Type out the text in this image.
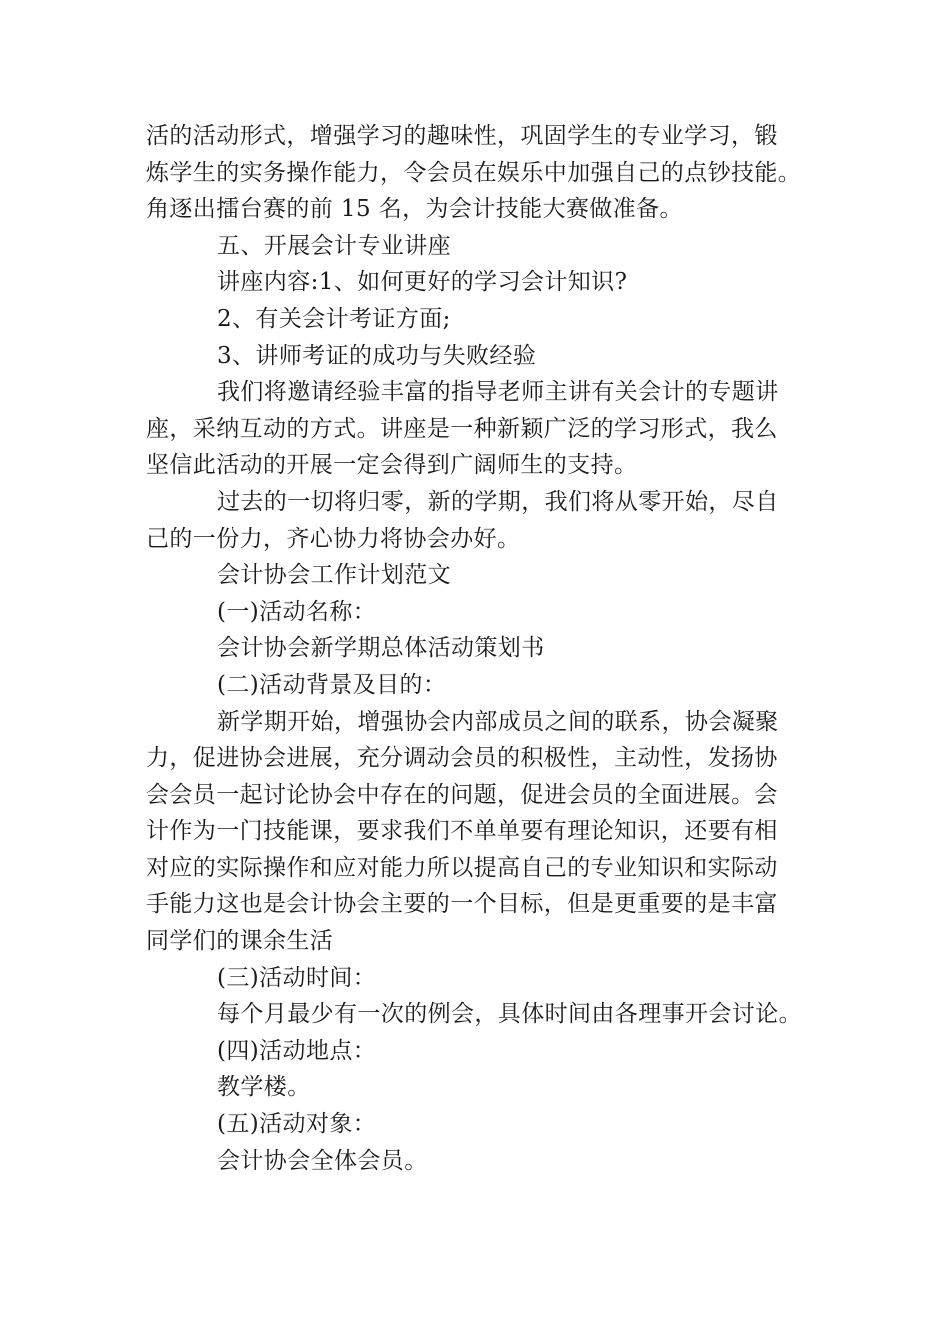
活的活动形式，增强学习的趣味性，巩固学生的专业学习，锻
炼学生的实务操作能力，令会员在娱乐中加强自己的点钞技能。
角逐出擂台赛的前 15 名，为会计技能大赛做准备。
五、开展会计专业讲座
讲座内容:1、如何更好的学习会计知识?
2、有关会计考证方面;
3、讲师考证的成功与失败经验
我们将邀请经验丰富的指导老师主讲有关会计的专题讲
座，采纳互动的方式。讲座是一种新颖广泛的学习形式，我么
坚信此活动的开展一定会得到广阔师生的支持。
过去的一切将归零，新的学期，我们将从零开始，尽自
己的一份力，齐心协力将协会办好。
会计协会工作计划范文
(一)活动名称：
会计协会新学期总体活动策划书
(二)活动背景及目的：
新学期开始，增强协会内部成员之间的联系，协会凝聚
力，促进协会进展，充分调动会员的积极性，主动性，发扬协
会会员一起讨论协会中存在的问题，促进会员的全面进展。会
计作为一门技能课，要求我们不单单要有理论知识，还要有相
对应的实际操作和应对能力所以提高自己的专业知识和实际动
手能力这也是会计协会主要的一个目标，但是更重要的是丰富
同学们的课余生活
(三)活动时间：
每个月最少有一次的例会，具体时间由各理事开会讨论。
(四)活动地点：
教学楼。
(五)活动对象：
会计协会全体会员。
